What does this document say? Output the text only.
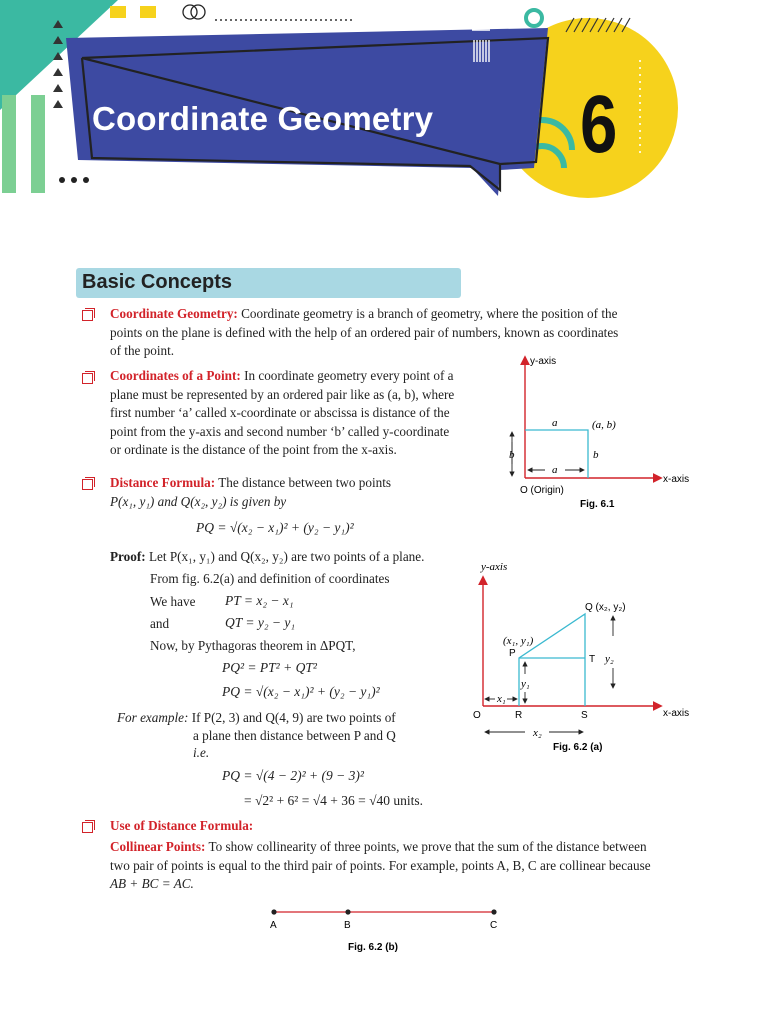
Coordinate Geometry 6
Basic Concepts
Coordinate Geometry: Coordinate geometry is a branch of geometry, where the position of the
points on the plane is defined with the help of an ordered pair of numbers, known as coordinates
of the point.
Coordinates of a Point: In coordinate geometry every point of a
plane must be represented by an ordered pair like as (a, b), where
first number ‘a’ called x-coordinate or abscissa is distance of the
point from the y-axis and second number ‘b’ called y-coordinate
or ordinate is the distance of the point from the x-axis.
y-axis
x-axis
O (Origin)
(a, b)
a
a
b	b
Fig. 6.1
Distance Formula: The distance between two points
P(x₁, y₁) and Q(x₂, y₂) is given by
PQ = √(x₂ − x₁)² + (y₂ − y₁)²
Proof: Let P(x₁, y₁) and Q(x₂, y₂) are two points of a plane.
From fig. 6.2(a) and definition of coordinates
We have PT = x₂ − x₁
and	QT = y₂ − y₁
Now, by Pythagoras theorem in ΔPQT,
PQ² = PT² + QT²
PQ = √(x₂ − x₁)² + (y₂ − y₁)²
For example: If P(2, 3) and Q(4, 9) are two points of
a plane then distance between P and Q
i.e.
PQ = √(4 − 2)² + (9 − 3)²
= √2² + 6² = √4 + 36 = √40 units.
y-axis
x-axis
Q (x₂, y₂)
(x₁, y₁)
P
T y₂
y₁
x₁
x₂
O	R	S
Fig. 6.2 (a)
Use of Distance Formula:
Collinear Points: To show collinearity of three points, we prove that the sum of the distance between
two pair of points is equal to the third pair of points. For example, points A, B, C are collinear because
AB + BC = AC.
A	B	C
Fig. 6.2 (b)
